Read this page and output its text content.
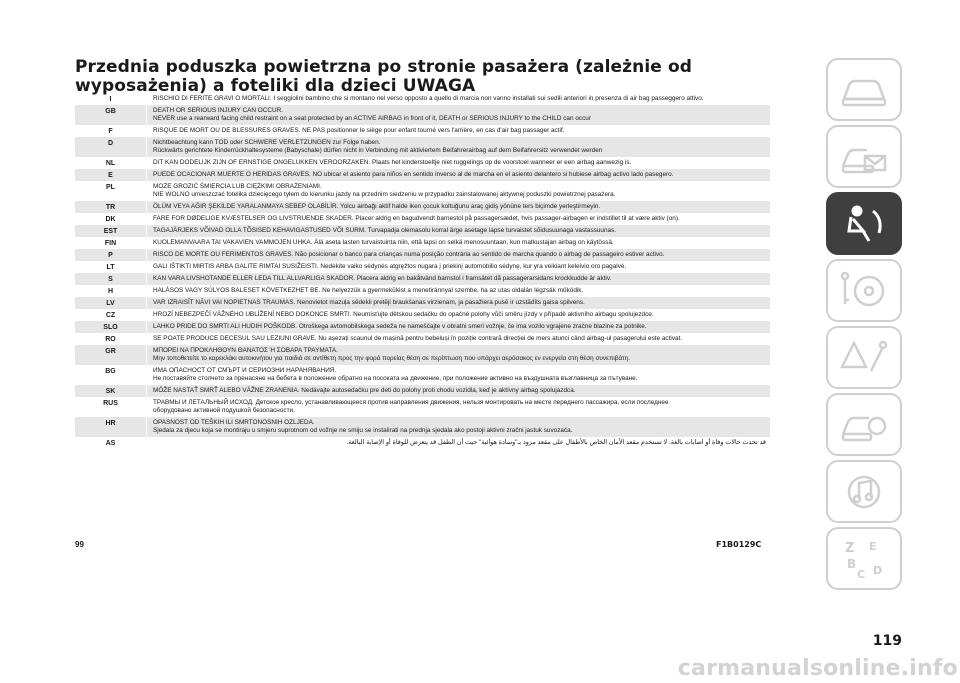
Przednia poduszka powietrzna po stronie pasażera (zależnie od wyposażenia) a foteliki dla dzieci UWAGA
I	RISCHIO DI FERITE GRAVI O MORTALI. I seggiolini bambino che si montano nel verso opposto a quello di marcia non vanno installati sui sedili anteriori in presenza di air bag passeggero attivo.
GB	DEATH OR SERIOUS INJURY CAN OCCUR.
NEVER use a rearward facing child restraint on a seat protected by an ACTIVE AIRBAG in front of it, DEATH or SERIOUS INJURY to the CHILD can occur
F	RISQUE DE MORT OU DE BLESSURES GRAVES. NE PAS positionner le siège pour enfant tourné vers l'arrière, en cas d'air bag passager actif.
D	Nichtbeachtung kann TOD oder SCHWERE VERLETZUNGEN zur Folge haben.
Rückwärts gerichtete Kinderrückhaltesysteme (Babyschale) dürfen nicht in Verbindung mit aktiviertem Beifahrerairbag auf dem Beifahrersitz verwendet werden
NL	DIT KAN DODELIJK ZIJN OF ERNSTIGE ONGELUKKEN VEROORZAKEN. Plaats het kinderstoeltje niet ruggelings op de voorstoel wanneer er een airbag aanwezig is.
E	PUEDE OCACIONAR MUERTE O HERIDAS GRAVES. NO ubicar el asiento para niños en sentido inverso al de marcha en el asiento delantero si hubiese airbag activo lado pasegero.
PL	MOŻE GROZIĆ ŚMIERCIA LUB CIĘŻKIMI OBRAŻENIAMI.
NIE WOLNO umieszczać fotelika dziecięcego tyłem do kierunku jazdy na przednim siedzeniu w przypadku zainstalowanej aktywnej poduszki powietrznej pasażera.
TR	ÖLÜM VEYA AĞIR ŞEKİLDE YARALANMAYA SEBEP OLABİLİR. Yolcu airbağı aktif halde iken çocuk koltuğunu araç gidiş yönüne ters biçimde yerleştirmeyin.
DK	FARE FOR DØDELIGE KVÆSTELSER OG LIVSTRUENDE SKADER. Placer aldrig en bagudvendt barnestol på passagersædet, hvis passager-airbagen er indstillet til at være aktiv (on).
EST	TAGAJÄRJEKS VÕIVAD OLLA TÕSISED KEHAVIGASTUSED VÕI SURM. Turvapadja olemasolu korral ärge asetage lapse turvaistet sõidusuunaga vastassuunas.
FIN	KUOLEMANVAARA TAI VAKAVIEN VAMMOJEN UHKA. Älä aseta lasten turvaistuinta niin, että lapsi on selkä menosuuntaan, kun matkustajan airbag on käytössä.
P	RISCO DE MORTE OU FERIMENTOS GRAVES. Não posicionar o banco para crianças numa posição contrária ao sentido de marcha quando o airbag de passageiro estiver activo.
LT	GALI IŠTIKTI MIRTIS ARBA GALITE RIMTAI SUSIŽEISTI. Nedėkite vaiko sėdynės atgręžtos nugara į priekinį automobilio sėdynę, kur yra veikiant keleivio oro pagalvė.
S	KAN VARA LIVSHOTANDE ELLER LEDA TILL ALLVARLIGA SKADOR. Placera aldrig en bakåtvänd barnstol i framsätet då passagerarsidans krockkudde är aktiv.
H	HALÁSOS VAGY SÚLYOS BALESET KÖVETKEZHET BE. Ne helyezzük a gyermekülést a menetiránnyal szembe, ha az utas oldalán légzsák működik.
LV	VAR IZRAISĪT NĀVI VAI NOPIETNAS TRAUMAS. Nenovietot mazuļa sēdekli pretēji braukšanas virzienam, ja pasažiera pusē ir uzstādīts gaisa spilvens.
CZ	HROZÍ NEBEZPEČÍ VÁŽNÉHO UBLÍŽENÍ NEBO DOKONCE SMRTI. Neumísťujte dětskou sedačku do opačné polohy vůči směru jízdy v případě aktivního airbagu spolujezdce.
SLO	LAHKO PRIDE DO SMRTI ALI HUDIH POŠKODB. Otroškega avtomobilskega sedeža ne nameščajte v obratni smeri vožnje, če ima vozilo vgrajene zračne blazine za potnike.
RO	SE POATE PRODUCE DECESUL SAU LEZIUNI GRAVE. Nu așezați scaunul de mașină pentru bebeluși în poziție contrară direcției de mers atunci când airbag-ul pasagerului este activat.
GR	ΜΠΟΡΕΙ ΝΑ ΠΡΟΚΛΗΘΟΥΝ ΘΑΝΑΤΟΣ Ή ΣΟΒΑΡΑ ΤΡΑΥΜΑΤΑ.
Μην τοποθετείτε το καρεκλάκι αυτοκινήτου για παιδιά σε αντίθετη προς την φορά πορείας θέση σε περίπτωση που υπάρχει αερόσακος εν ενεργεία στη θέση συνεπιβάτη.
BG	ИМА ОПАСНОСТ ОТ СМЪРТ И СЕРИОЗНИ НАРАНЯВАНИЯ.
Не поставяйте столчето за пренасяне на бебета в положение обратно на посоката на движение, при положение активно на въздушната възглавница за пътуване.
SK	MÔŽE NASTAŤ SMRŤ ALEBO VÁŽNE ZRANENIA. Nedávajte autosedačku pre deti do polohy proti chodu vozidla, keď je aktívny airbag spolujazdca.
RUS	ТРАВМЫ И ЛЕТАЛЬНЫЙ ИСХОД. Детское кресло, устанавливающееся против направления движения, нельзя монтировать на месте переднего пассажира, если последнее
оборудовано активной подушкой безопасности.
HR	OPASNOST OD TEŠKIH ILI SMRTONOSNIH OZLJEDA.
Sjedala za djecu koja se montiraju u smjeru suprotnom od vožnje ne smiju se instalirati na prednja sjedala ako postoji aktivni zračni jastuk suvozača.
AS	قد تحدث حالات وفاة أو اصابات بالغة. لا تستخدم مقعد الأمان الخاص بالأطفال على مقعد مزود بـ"وسادة هوائية" حيث أن الطفل قد يتعرض للوفاة أو الإصابة البالغة.
99	F1B0129C	Z E
B
C D
119
carmanualsonline.info
